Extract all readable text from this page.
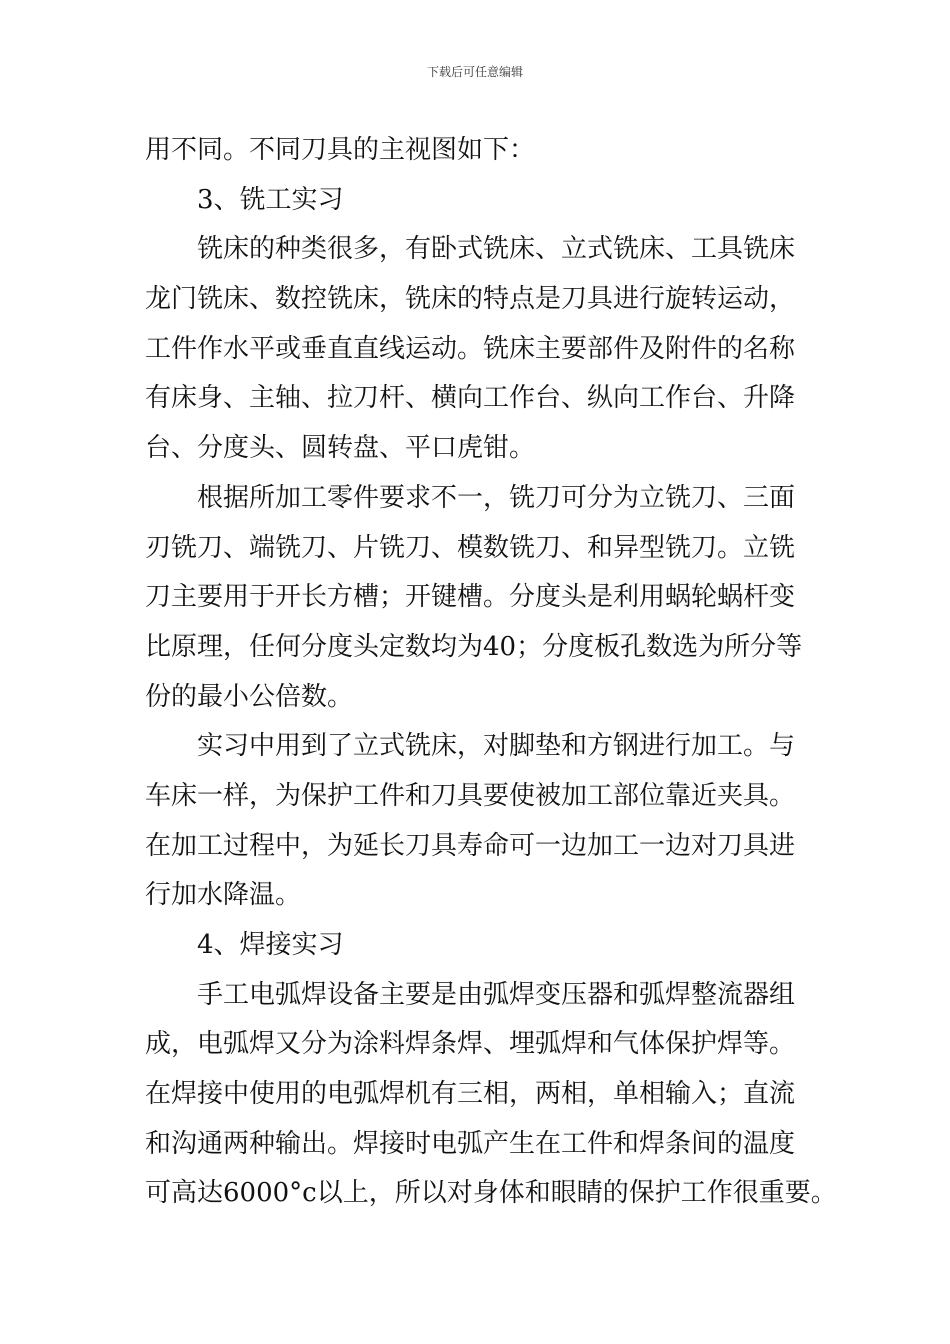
下载后可任意编辑
用不同。不同刀具的主视图如下：
3、铣工实习
铣床的种类很多，有卧式铣床、立式铣床、工具铣床
龙门铣床、数控铣床，铣床的特点是刀具进行旋转运动，
工件作水平或垂直直线运动。铣床主要部件及附件的名称
有床身、主轴、拉刀杆、横向工作台、纵向工作台、升降
台、分度头、圆转盘、平口虎钳。
根据所加工零件要求不一，铣刀可分为立铣刀、三面
刃铣刀、端铣刀、片铣刀、模数铣刀、和异型铣刀。立铣
刀主要用于开长方槽；开键槽。分度头是利用蜗轮蜗杆变
比原理，任何分度头定数均为40；分度板孔数选为所分等
份的最小公倍数。
实习中用到了立式铣床，对脚垫和方钢进行加工。与
车床一样，为保护工件和刀具要使被加工部位靠近夹具。
在加工过程中，为延长刀具寿命可一边加工一边对刀具进
行加水降温。
4、焊接实习
手工电弧焊设备主要是由弧焊变压器和弧焊整流器组
成，电弧焊又分为涂料焊条焊、埋弧焊和气体保护焊等。
在焊接中使用的电弧焊机有三相，两相，单相输入；直流
和沟通两种输出。焊接时电弧产生在工件和焊条间的温度
可高达6000°c以上，所以对身体和眼睛的保护工作很重要。
